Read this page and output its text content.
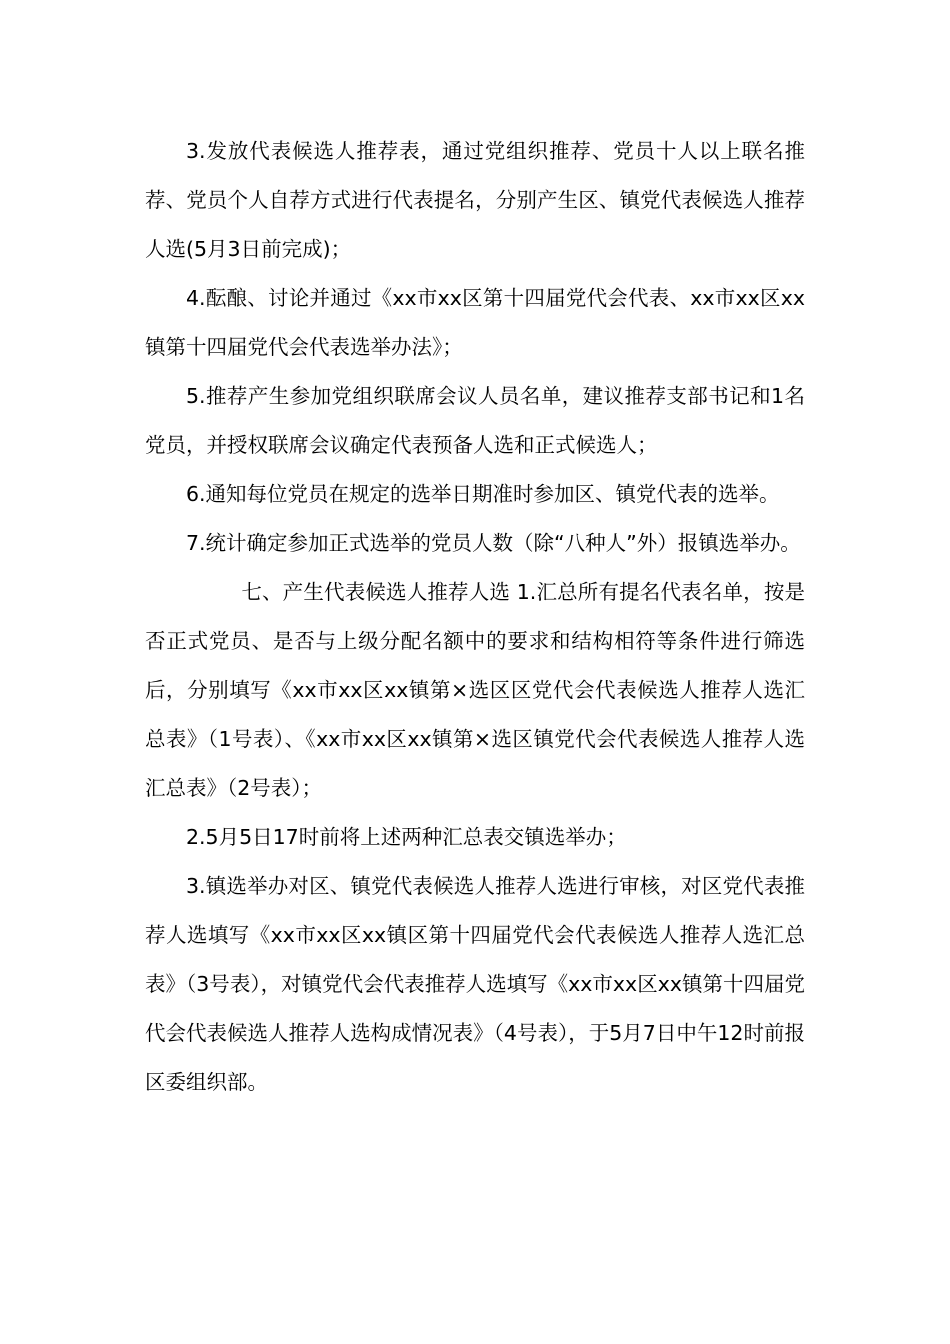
3.发放代表候选人推荐表，通过党组织推荐、党员十人以上联名推荐、党员个人自荐方式进行代表提名，分别产生区、镇党代表候选人推荐人选(5月3日前完成)；

4.酝酿、讨论并通过《xx市xx区第十四届党代会代表、xx市xx区xx镇第十四届党代会代表选举办法》；

5.推荐产生参加党组织联席会议人员名单，建议推荐支部书记和1名党员，并授权联席会议确定代表预备人选和正式候选人；

6.通知每位党员在规定的选举日期准时参加区、镇党代表的选举。

7.统计确定参加正式选举的党员人数（除“八种人”外）报镇选举办。

七、产生代表候选人推荐人选 1.汇总所有提名代表名单，按是否正式党员、是否与上级分配名额中的要求和结构相符等条件进行筛选后，分别填写《xx市xx区xx镇第×选区区党代会代表候选人推荐人选汇总表》（1号表）、《xx市xx区xx镇第×选区镇党代会代表候选人推荐人选汇总表》（2号表）；

2.5月5日17时前将上述两种汇总表交镇选举办；

3.镇选举办对区、镇党代表候选人推荐人选进行审核，对区党代表推荐人选填写《xx市xx区xx镇区第十四届党代会代表候选人推荐人选汇总表》（3号表），对镇党代会代表推荐人选填写《xx市xx区xx镇第十四届党代会代表候选人推荐人选构成情况表》（4号表），于5月7日中午12时前报区委组织部。
